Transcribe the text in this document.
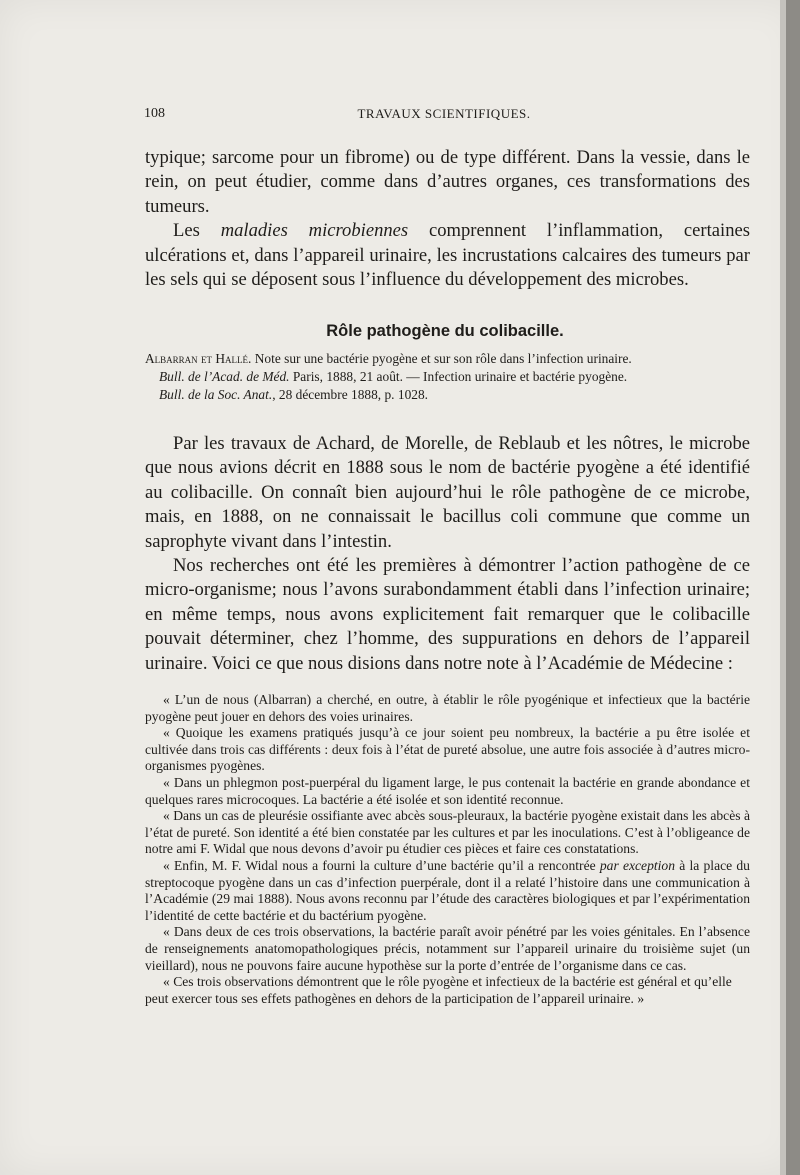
108	TRAVAUX SCIENTIFIQUES.

typique; sarcome pour un fibrome) ou de type différent. Dans la vessie, dans le rein, on peut étudier, comme dans d’autres organes, ces transformations des tumeurs.

Les maladies microbiennes comprennent l’inflammation, certaines ulcérations et, dans l’appareil urinaire, les incrustations calcaires des tumeurs par les sels qui se déposent sous l’influence du développement des microbes.

Rôle pathogène du colibacille.

Albarran et Hallé. Note sur une bactérie pyogène et sur son rôle dans l’infection urinaire.

Bull. de l’Acad. de Méd. Paris, 1888, 21 août. — Infection urinaire et bactérie pyogène.

Bull. de la Soc. Anat., 28 décembre 1888, p. 1028.

Par les travaux de Achard, de Morelle, de Reblaub et les nôtres, le microbe que nous avions décrit en 1888 sous le nom de bactérie pyogène a été identifié au colibacille. On connaît bien aujourd’hui le rôle pathogène de ce microbe, mais, en 1888, on ne connaissait le bacillus coli commune que comme un saprophyte vivant dans l’intestin.

Nos recherches ont été les premières à démontrer l’action pathogène de ce micro-organisme; nous l’avons surabondamment établi dans l’infection urinaire; en même temps, nous avons explicitement fait remarquer que le colibacille pouvait déterminer, chez l’homme, des suppurations en dehors de l’appareil urinaire. Voici ce que nous disions dans notre note à l’Académie de Médecine :

« L’un de nous (Albarran) a cherché, en outre, à établir le rôle pyogénique et infectieux que la bactérie pyogène peut jouer en dehors des voies urinaires.

« Quoique les examens pratiqués jusqu’à ce jour soient peu nombreux, la bactérie a pu être isolée et cultivée dans trois cas différents : deux fois à l’état de pureté absolue, une autre fois associée à d’autres micro-organismes pyogènes.

« Dans un phlegmon post-puerpéral du ligament large, le pus contenait la bactérie en grande abondance et quelques rares microcoques. La bactérie a été isolée et son identité reconnue.

« Dans un cas de pleurésie ossifiante avec abcès sous-pleuraux, la bactérie pyogène existait dans les abcès à l’état de pureté. Son identité a été bien constatée par les cultures et par les inoculations. C’est à l’obligeance de notre ami F. Widal que nous devons d’avoir pu étudier ces pièces et faire ces constatations.

« Enfin, M. F. Widal nous a fourni la culture d’une bactérie qu’il a rencontrée par exception à la place du streptocoque pyogène dans un cas d’infection puerpérale, dont il a relaté l’histoire dans une communication à l’Académie (29 mai 1888). Nous avons reconnu par l’étude des caractères biologiques et par l’expérimentation l’identité de cette bactérie et du bactérium pyogène.

« Dans deux de ces trois observations, la bactérie paraît avoir pénétré par les voies génitales. En l’absence de renseignements anatomopathologiques précis, notamment sur l’appareil urinaire du troisième sujet (un vieillard), nous ne pouvons faire aucune hypothèse sur la porte d’entrée de l’organisme dans ce cas.

« Ces trois observations démontrent que le rôle pyogène et infectieux de la bactérie est général et qu’elle peut exercer tous ses effets pathogènes en dehors de la participation de l’appareil urinaire. »
